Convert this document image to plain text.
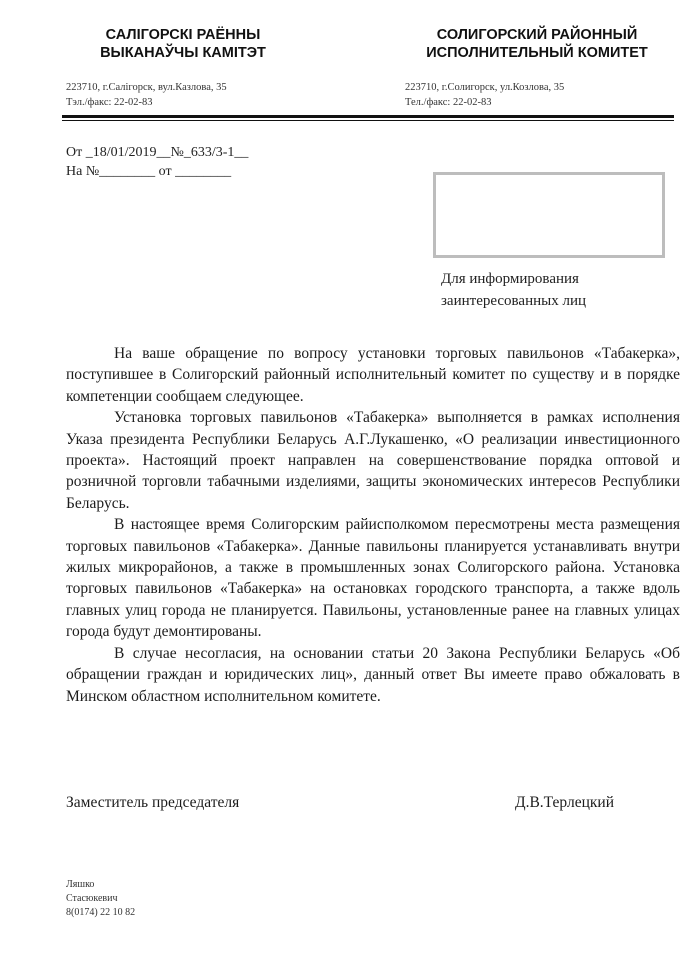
САЛІГОРСКІ РАЁННЫ
ВЫКАНАЎЧЫ КАМІТЭТ
СОЛИГОРСКИЙ РАЙОННЫЙ
ИСПОЛНИТЕЛЬНЫЙ КОМИТЕТ
223710, г.Салігорск, вул.Казлова, 35
Тэл./факс: 22-02-83
223710, г.Солигорск, ул.Козлова, 35
Тел./факс: 22-02-83
От _18/01/2019__№_633/3-1__
На №________ от ________
Для информирования
заинтересованных лиц

На ваше обращение по вопросу установки торговых павильонов «Табакерка», поступившее в Солигорский районный исполнительный комитет по существу и в порядке компетенции сообщаем следующее.

Установка торговых павильонов «Табакерка» выполняется в рамках исполнения Указа президента Республики Беларусь А.Г.Лукашенко, «О реализации инвестиционного проекта». Настоящий проект направлен на совершенствование порядка оптовой и розничной торговли табачными изделиями, защиты экономических интересов Республики Беларусь.

В настоящее время Солигорским райисполкомом пересмотрены места размещения торговых павильонов «Табакерка». Данные павильоны планируется устанавливать внутри жилых микрорайонов, а также в промышленных зонах Солигорского района. Установка торговых павильонов «Табакерка» на остановках городского транспорта, а также вдоль главных улиц города не планируется. Павильоны, установленные ранее на главных улицах города будут демонтированы.

В случае несогласия, на основании статьи 20 Закона Республики Беларусь «Об обращении граждан и юридических лиц», данный ответ Вы имеете право обжаловать в Минском областном исполнительном комитете.

Заместитель председателя	Д.В.Терлецкий
Ляшко
Стасюкевич
8(0174) 22 10 82
